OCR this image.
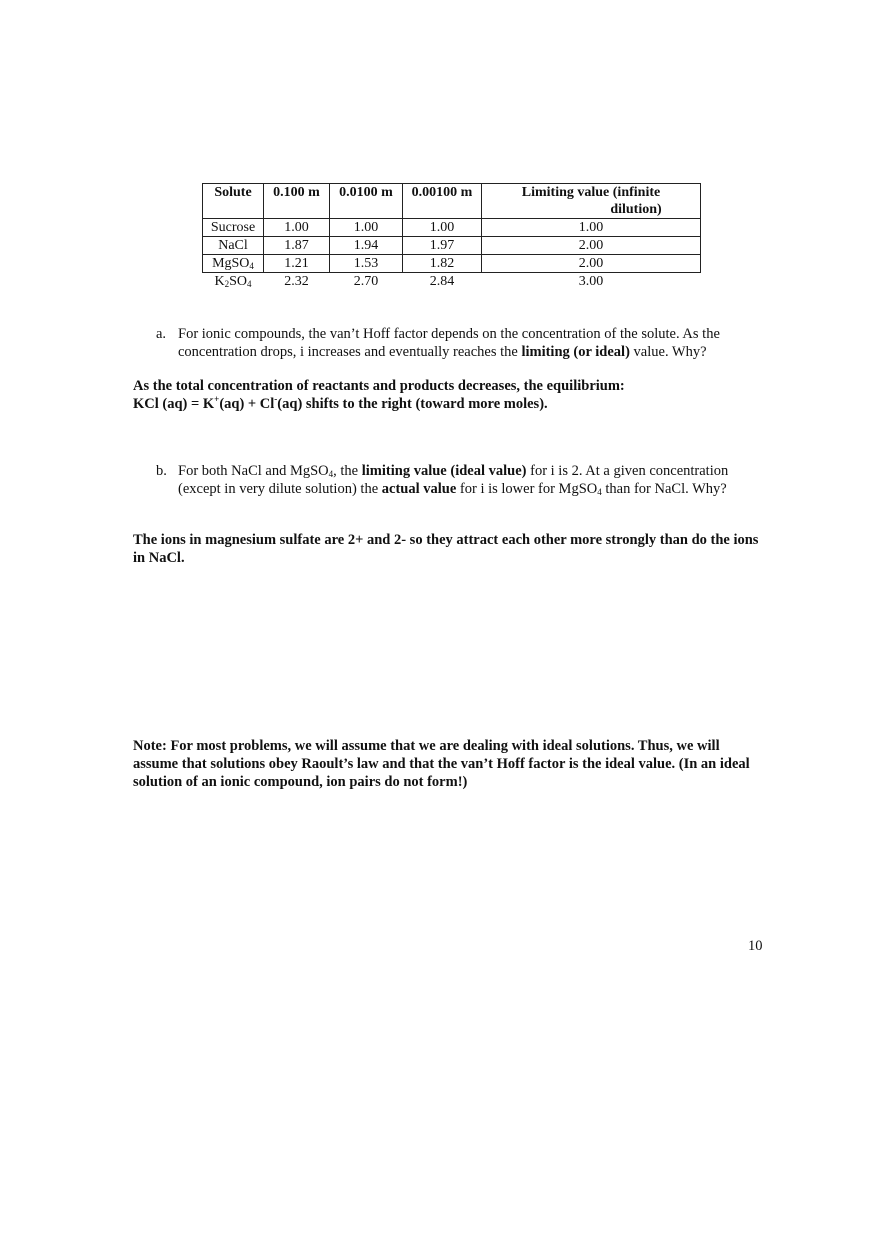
Solute	0.100 m	0.0100 m	0.00100 m	Limiting value (infinite
dilution)

Sucrose	1.00	1.00	1.00	1.00
NaCl	1.87	1.94	1.97	2.00
MgSO$_4$	1.21	1.53	1.82	2.00
$K_2SO_4$	2.32	2.70	2.84	3.00
a. For ionic compounds, the van’t Hoff factor depends on the concentration of the solute. As the concentration drops, i increases and eventually reaches the limiting (or ideal) value. Why?
As the total concentration of reactants and products decreases, the equilibrium:
KCl (aq) = K+(aq) + Cl-(aq) shifts to the right (toward more moles).
b. For both NaCl and MgSO$_4$, the limiting value (ideal value) for i is 2. At a given concentration (except in very dilute solution) the actual value for i is lower for MgSO$_4$ than for NaCl. Why?
The ions in magnesium sulfate are 2+ and 2- so they attract each other more strongly than do the ions in NaCl.
Note: For most problems, we will assume that we are dealing with ideal solutions. Thus, we will assume that solutions obey Raoult’s law and that the van’t Hoff factor is the ideal value. (In an ideal solution of an ionic compound, ion pairs do not form!)
10
